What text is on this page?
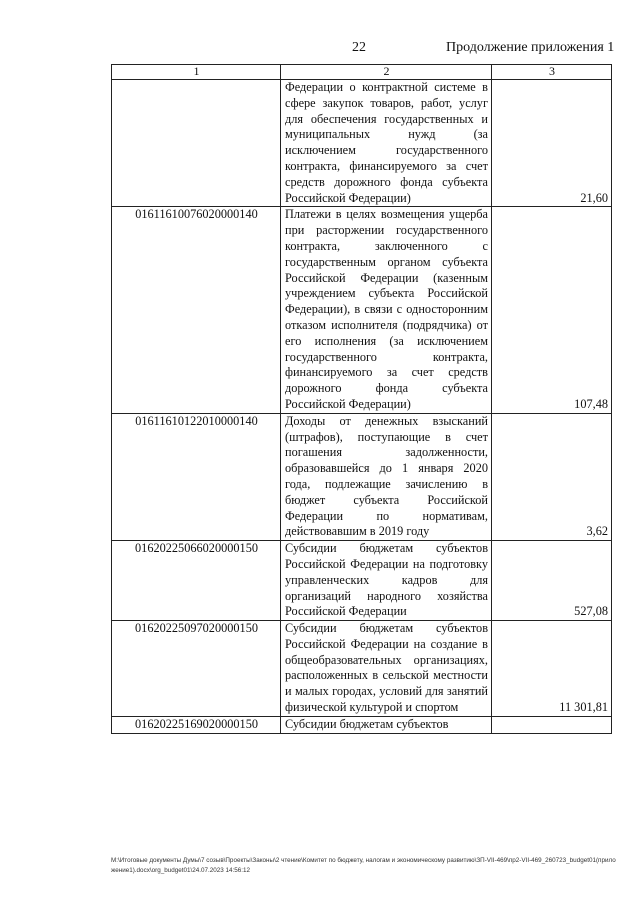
22	Продолжение приложения 1
1	2	3
	Федерации о контрактной системе в сфере закупок товаров, работ, услуг для обеспечения государственных и муниципальных нужд (за исключением государственного контракта, финансируемого за счет средств дорожного фонда субъекта Российской Федерации)	21,60
01611610076020000140	Платежи в целях возмещения ущерба при расторжении государственного контракта, заключенного с государственным органом субъекта Российской Федерации (казенным учреждением субъекта Российской Федерации), в связи с односторонним отказом исполнителя (подрядчика) от его исполнения (за исключением государственного контракта, финансируемого за счет средств дорожного фонда субъекта Российской Федерации)	107,48
01611610122010000140	Доходы от денежных взысканий (штрафов), поступающие в счет погашения задолженности, образовавшейся до 1 января 2020 года, подлежащие зачислению в бюджет субъекта Российской Федерации по нормативам, действовавшим в 2019 году	3,62
01620225066020000150	Субсидии бюджетам субъектов Российской Федерации на подготовку управленческих кадров для организаций народного хозяйства Российской Федерации	527,08
01620225097020000150	Субсидии бюджетам субъектов Российской Федерации на создание в общеобразовательных организациях, расположенных в сельской местности и малых городах, условий для занятий физической культурой и спортом	11 301,81
01620225169020000150	Субсидии бюджетам субъектов	
M:\Итоговые документы Думы\7 созыв\Проекты\Законы\2 чтение\Комитет по бюджету, налогам и экономическому развитию\ЗП-VII-469\пр2-VII-469_260723_budget01(приложение1).docx\org_budget01\24.07.2023 14:56:12
